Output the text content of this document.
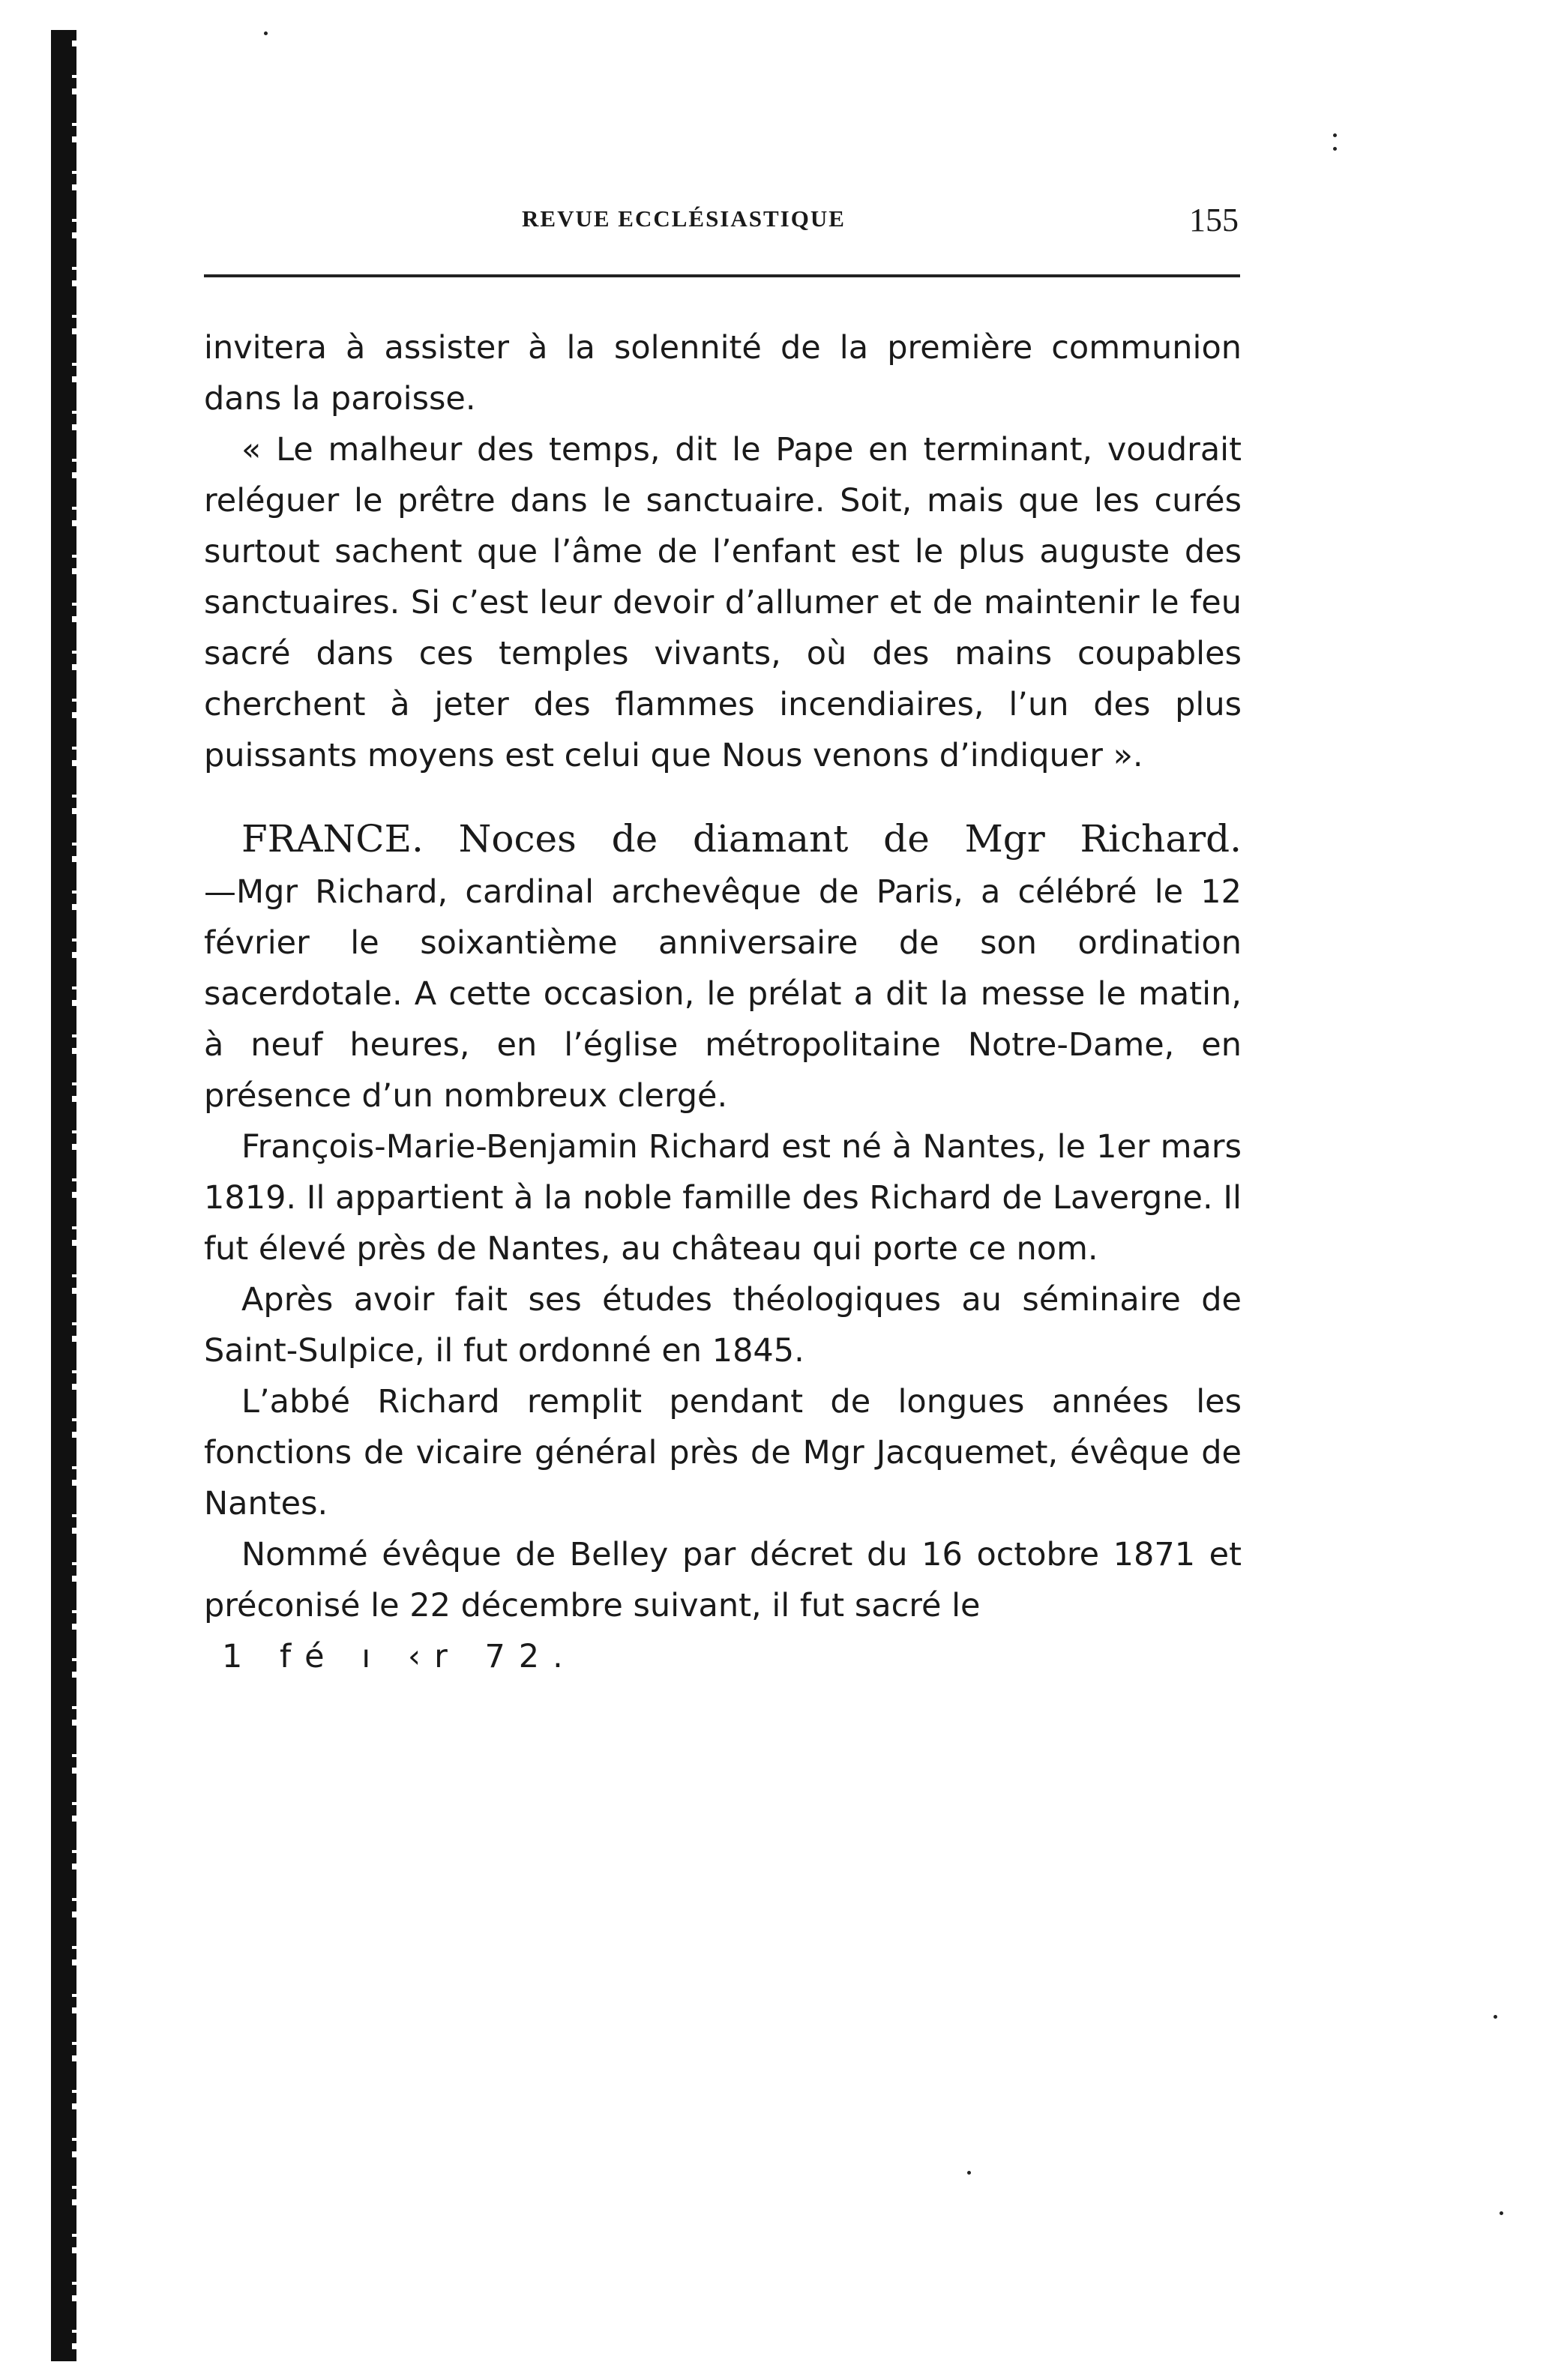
REVUE ECCLÉSIASTIQUE	155

invitera à assister à la solennité de la première communion dans la paroisse.

« Le malheur des temps, dit le Pape en terminant, voudrait reléguer le prêtre dans le sanctuaire. Soit, mais que les curés surtout sachent que l’âme de l’enfant est le plus auguste des sanctuaires. Si c’est leur devoir d’allumer et de maintenir le feu sacré dans ces temples vivants, où des mains coupables cherchent à jeter des flammes incendiaires, l’un des plus puissants moyens est celui que Nous venons d’indiquer ».

FRANCE. Noces de diamant de Mgr Richard.

—Mgr Richard, cardinal archevêque de Paris, a célébré le 12 février le soixantième anniversaire de son ordination sacerdotale. A cette occasion, le prélat a dit la messe le matin, à neuf heures, en l’église métropolitaine Notre-Dame, en présence d’un nombreux clergé.

François-Marie-Benjamin Richard est né à Nantes, le 1er mars 1819. Il appartient à la noble famille des Richard de Lavergne. Il fut élevé près de Nantes, au château qui porte ce nom.

Après avoir fait ses études théologiques au séminaire de Saint-Sulpice, il fut ordonné en 1845.

L’abbé Richard remplit pendant de longues années les fonctions de vicaire général près de Mgr Jacquemet, évêque de Nantes.

Nommé évêque de Belley par décret du 16 octobre 1871 et préconisé le 22 décembre suivant, il fut sacré le

1 fé ı ‹r 72.
